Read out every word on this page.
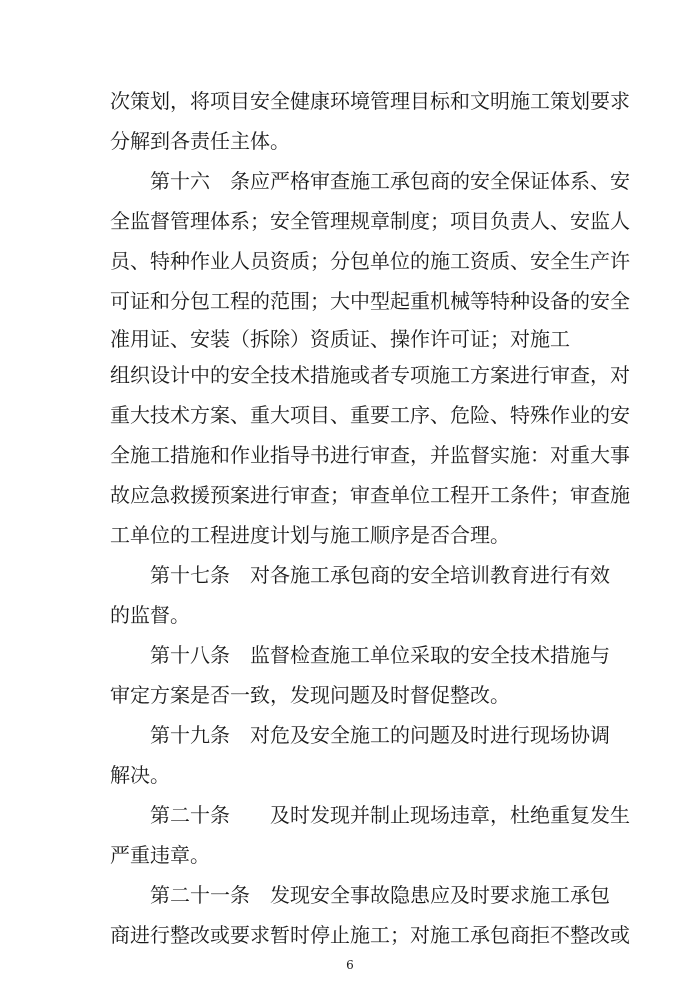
次策划，将项目安全健康环境管理目标和文明施工策划要求
分解到各责任主体。
第十六　条应严格审查施工承包商的安全保证体系、安
全监督管理体系；安全管理规章制度；项目负责人、安监人
员、特种作业人员资质；分包单位的施工资质、安全生产许
可证和分包工程的范围；大中型起重机械等特种设备的安全
准用证、安装（拆除）资质证、操作许可证；对施工
组织设计中的安全技术措施或者专项施工方案进行审查，对
重大技术方案、重大项目、重要工序、危险、特殊作业的安
全施工措施和作业指导书进行审查，并监督实施：对重大事
故应急救援预案进行审查；审查单位工程开工条件；审查施
工单位的工程进度计划与施工顺序是否合理。
第十七条　对各施工承包商的安全培训教育进行有效
的监督。
第十八条　监督检查施工单位采取的安全技术措施与
审定方案是否一致，发现问题及时督促整改。
第十九条　对危及安全施工的问题及时进行现场协调
解决。
第二十条　　及时发现并制止现场违章，杜绝重复发生
严重违章。
第二十一条　发现安全事故隐患应及时要求施工承包
商进行整改或要求暂时停止施工；对施工承包商拒不整改或
6
